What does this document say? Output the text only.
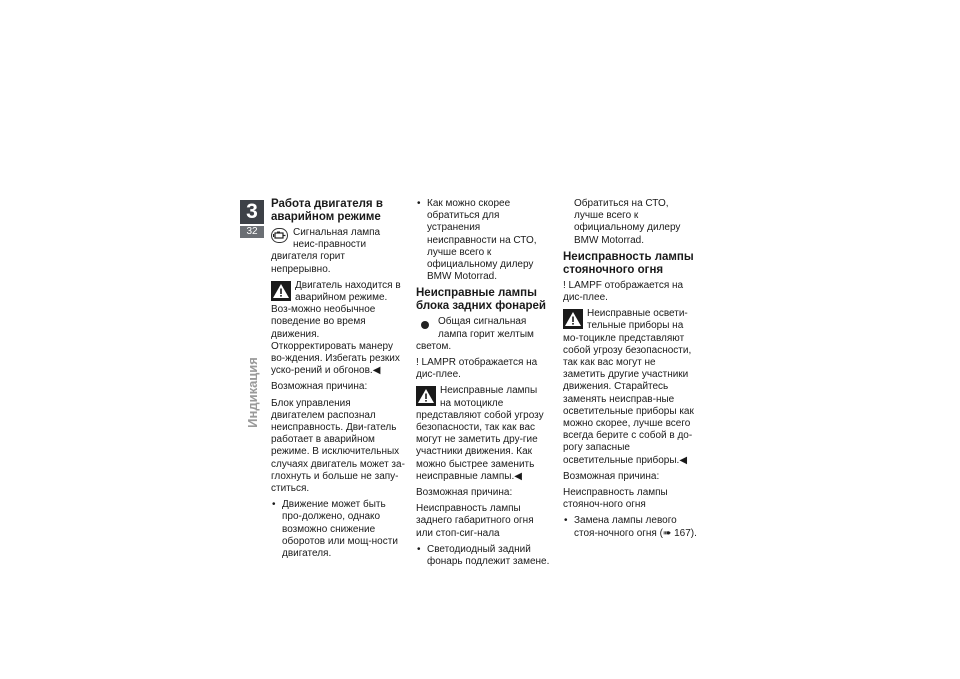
3
32
Индикация
Работа двигателя в аварийном режиме

Сигнальная лампа неис-правности двигателя горит непрерывно.

Двигатель находится в аварийном режиме. Воз-можно необычное поведение во время движения. Откорректировать манеру во-ждения. Избегать резких уско-рений и обгонов.◀

Возможная причина:

Блок управления двигателем распознал неисправность. Дви-гатель работает в аварийном режиме. В исключительных случаях двигатель может за-глохнуть и больше не запу-ститься.

• Движение может быть про-должено, однако возможно снижение оборотов или мощ-ности двигателя.

• Как можно скорее обратиться для устранения неисправности на СТО, лучше всего к официальному дилеру BMW Motorrad.

Неисправные лампы блока задних фонарей

Общая сигнальная лампа горит желтым светом.

! LAMPR отображается на дис-плее.

Неисправные лампы на мотоцикле представляют собой угрозу безопасности, так как вас могут не заметить дру-гие участники движения. Как можно быстрее заменить неисправные лампы.◀

Возможная причина:

Неисправность лампы заднего габаритного огня или стоп-сиг-нала

• Светодиодный задний фонарь подлежит замене.

Обратиться на СТО, лучше всего к официальному дилеру BMW Motorrad.

Неисправность лампы стояночного огня

! LAMPF отображается на дис-плее.

Неисправные освети-тельные приборы на мо-тоцикле представляют собой угрозу безопасности, так как вас могут не заметить другие участники движения. Старайтесь заменять неисправ-ные осветительные приборы как можно скорее, лучше всего всегда берите с собой в до-рогу запасные осветительные приборы.◀

Возможная причина:

Неисправность лампы стояноч-ного огня

• Замена лампы левого стоя-ночного огня (➠ 167).
